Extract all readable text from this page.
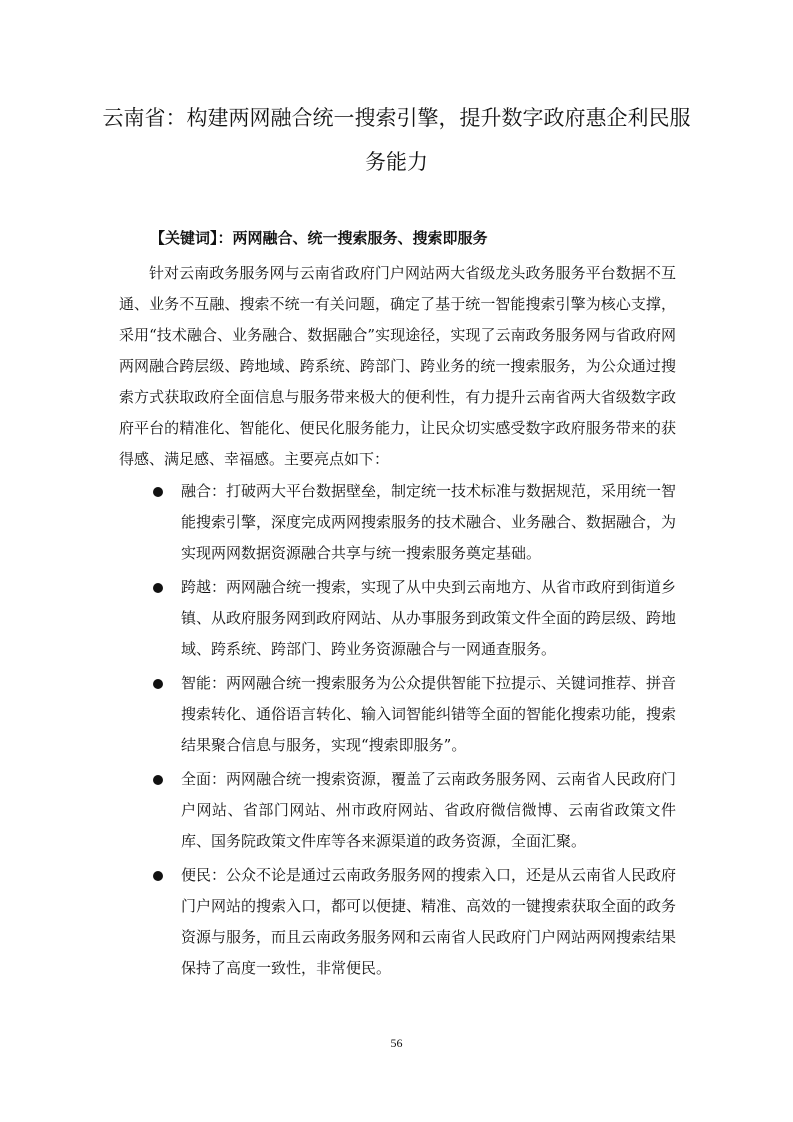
云南省：构建两网融合统一搜索引擎，提升数字政府惠企利民服务能力

【关键词】：两网融合、统一搜索服务、搜索即服务

针对云南政务服务网与云南省政府门户网站两大省级龙头政务服务平台数据不互通、业务不互融、搜索不统一有关问题，确定了基于统一智能搜索引擎为核心支撑，采用“技术融合、业务融合、数据融合”实现途径，实现了云南政务服务网与省政府网两网融合跨层级、跨地域、跨系统、跨部门、跨业务的统一搜索服务，为公众通过搜索方式获取政府全面信息与服务带来极大的便利性，有力提升云南省两大省级数字政府平台的精准化、智能化、便民化服务能力，让民众切实感受数字政府服务带来的获得感、满足感、幸福感。主要亮点如下：

融合：打破两大平台数据壁垒，制定统一技术标准与数据规范，采用统一智能搜索引擎，深度完成两网搜索服务的技术融合、业务融合、数据融合，为实现两网数据资源融合共享与统一搜索服务奠定基础。
跨越：两网融合统一搜索，实现了从中央到云南地方、从省市政府到街道乡镇、从政府服务网到政府网站、从办事服务到政策文件全面的跨层级、跨地域、跨系统、跨部门、跨业务资源融合与一网通查服务。
智能：两网融合统一搜索服务为公众提供智能下拉提示、关键词推荐、拼音搜索转化、通俗语言转化、输入词智能纠错等全面的智能化搜索功能，搜索结果聚合信息与服务，实现“搜索即服务”。
全面：两网融合统一搜索资源，覆盖了云南政务服务网、云南省人民政府门户网站、省部门网站、州市政府网站、省政府微信微博、云南省政策文件库、国务院政策文件库等各来源渠道的政务资源，全面汇聚。
便民：公众不论是通过云南政务服务网的搜索入口，还是从云南省人民政府门户网站的搜索入口，都可以便捷、精准、高效的一键搜索获取全面的政务资源与服务，而且云南政务服务网和云南省人民政府门户网站两网搜索结果保持了高度一致性，非常便民。
56
